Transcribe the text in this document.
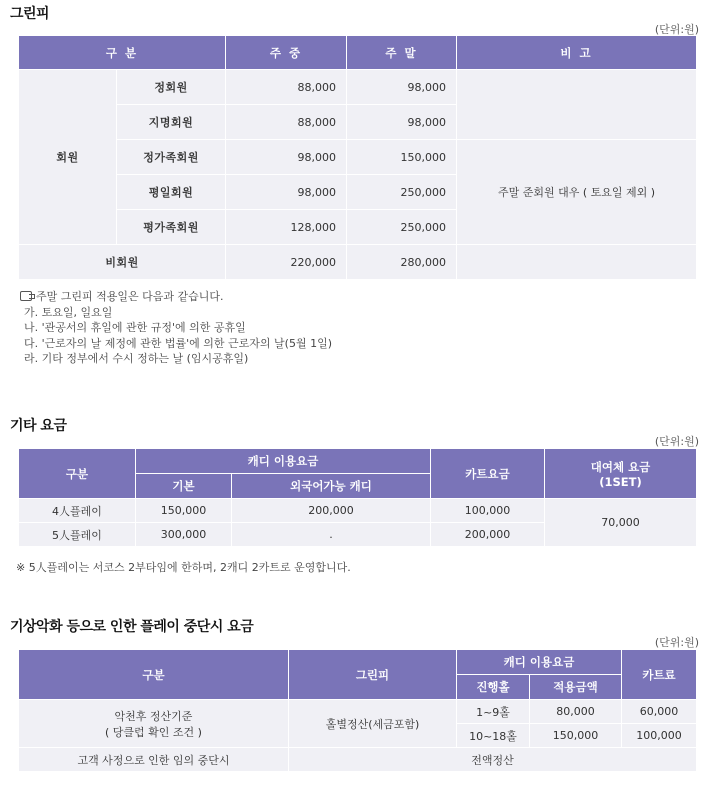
그린피
(단위:원)
구 분		주 중	주 말	비 고
회원	정회원	88,000	98,000	
	지명회원	88,000	98,000	
	정가족회원	98,000	150,000	주말 준회원 대우 ( 토요일 제외 )
	평일회원	98,000	250,000	
	평가족회원	128,000	250,000	
비회원		220,000	280,000	
주말 그린피 적용일은 다음과 같습니다.
가. 토요일, 일요일
나. '관공서의 휴일에 관한 규정'에 의한 공휴일
다. '근로자의 날 제정에 관한 법률'에 의한 근로자의 날(5월 1일)
라. 기타 정부에서 수시 정하는 날 (임시공휴일)
기타 요금
(단위:원)
구분	캐디 이용요금		카트요금	대여체 요금
(1SET)

	기본	외국어가능 캐디		
4人플레이	150,000	200,000	100,000	70,000
5人플레이	300,000	.	200,000	
※ 5人플레이는 서코스 2부타임에 한하며, 2캐디 2카트로 운영합니다.
기상악화 등으로 인한 플레이 중단시 요금
(단위:원)
구분	그린피	캐디 이용요금		카트료
		진행홀	적용금액	

악천후 정산기준
( 당클럽 확인 조건 )	홀별정산(세금포함)	1~9홀	80,000	60,000
		10~18홀	150,000	100,000
고객 사정으로 인한 임의 중단시	전액정산			
